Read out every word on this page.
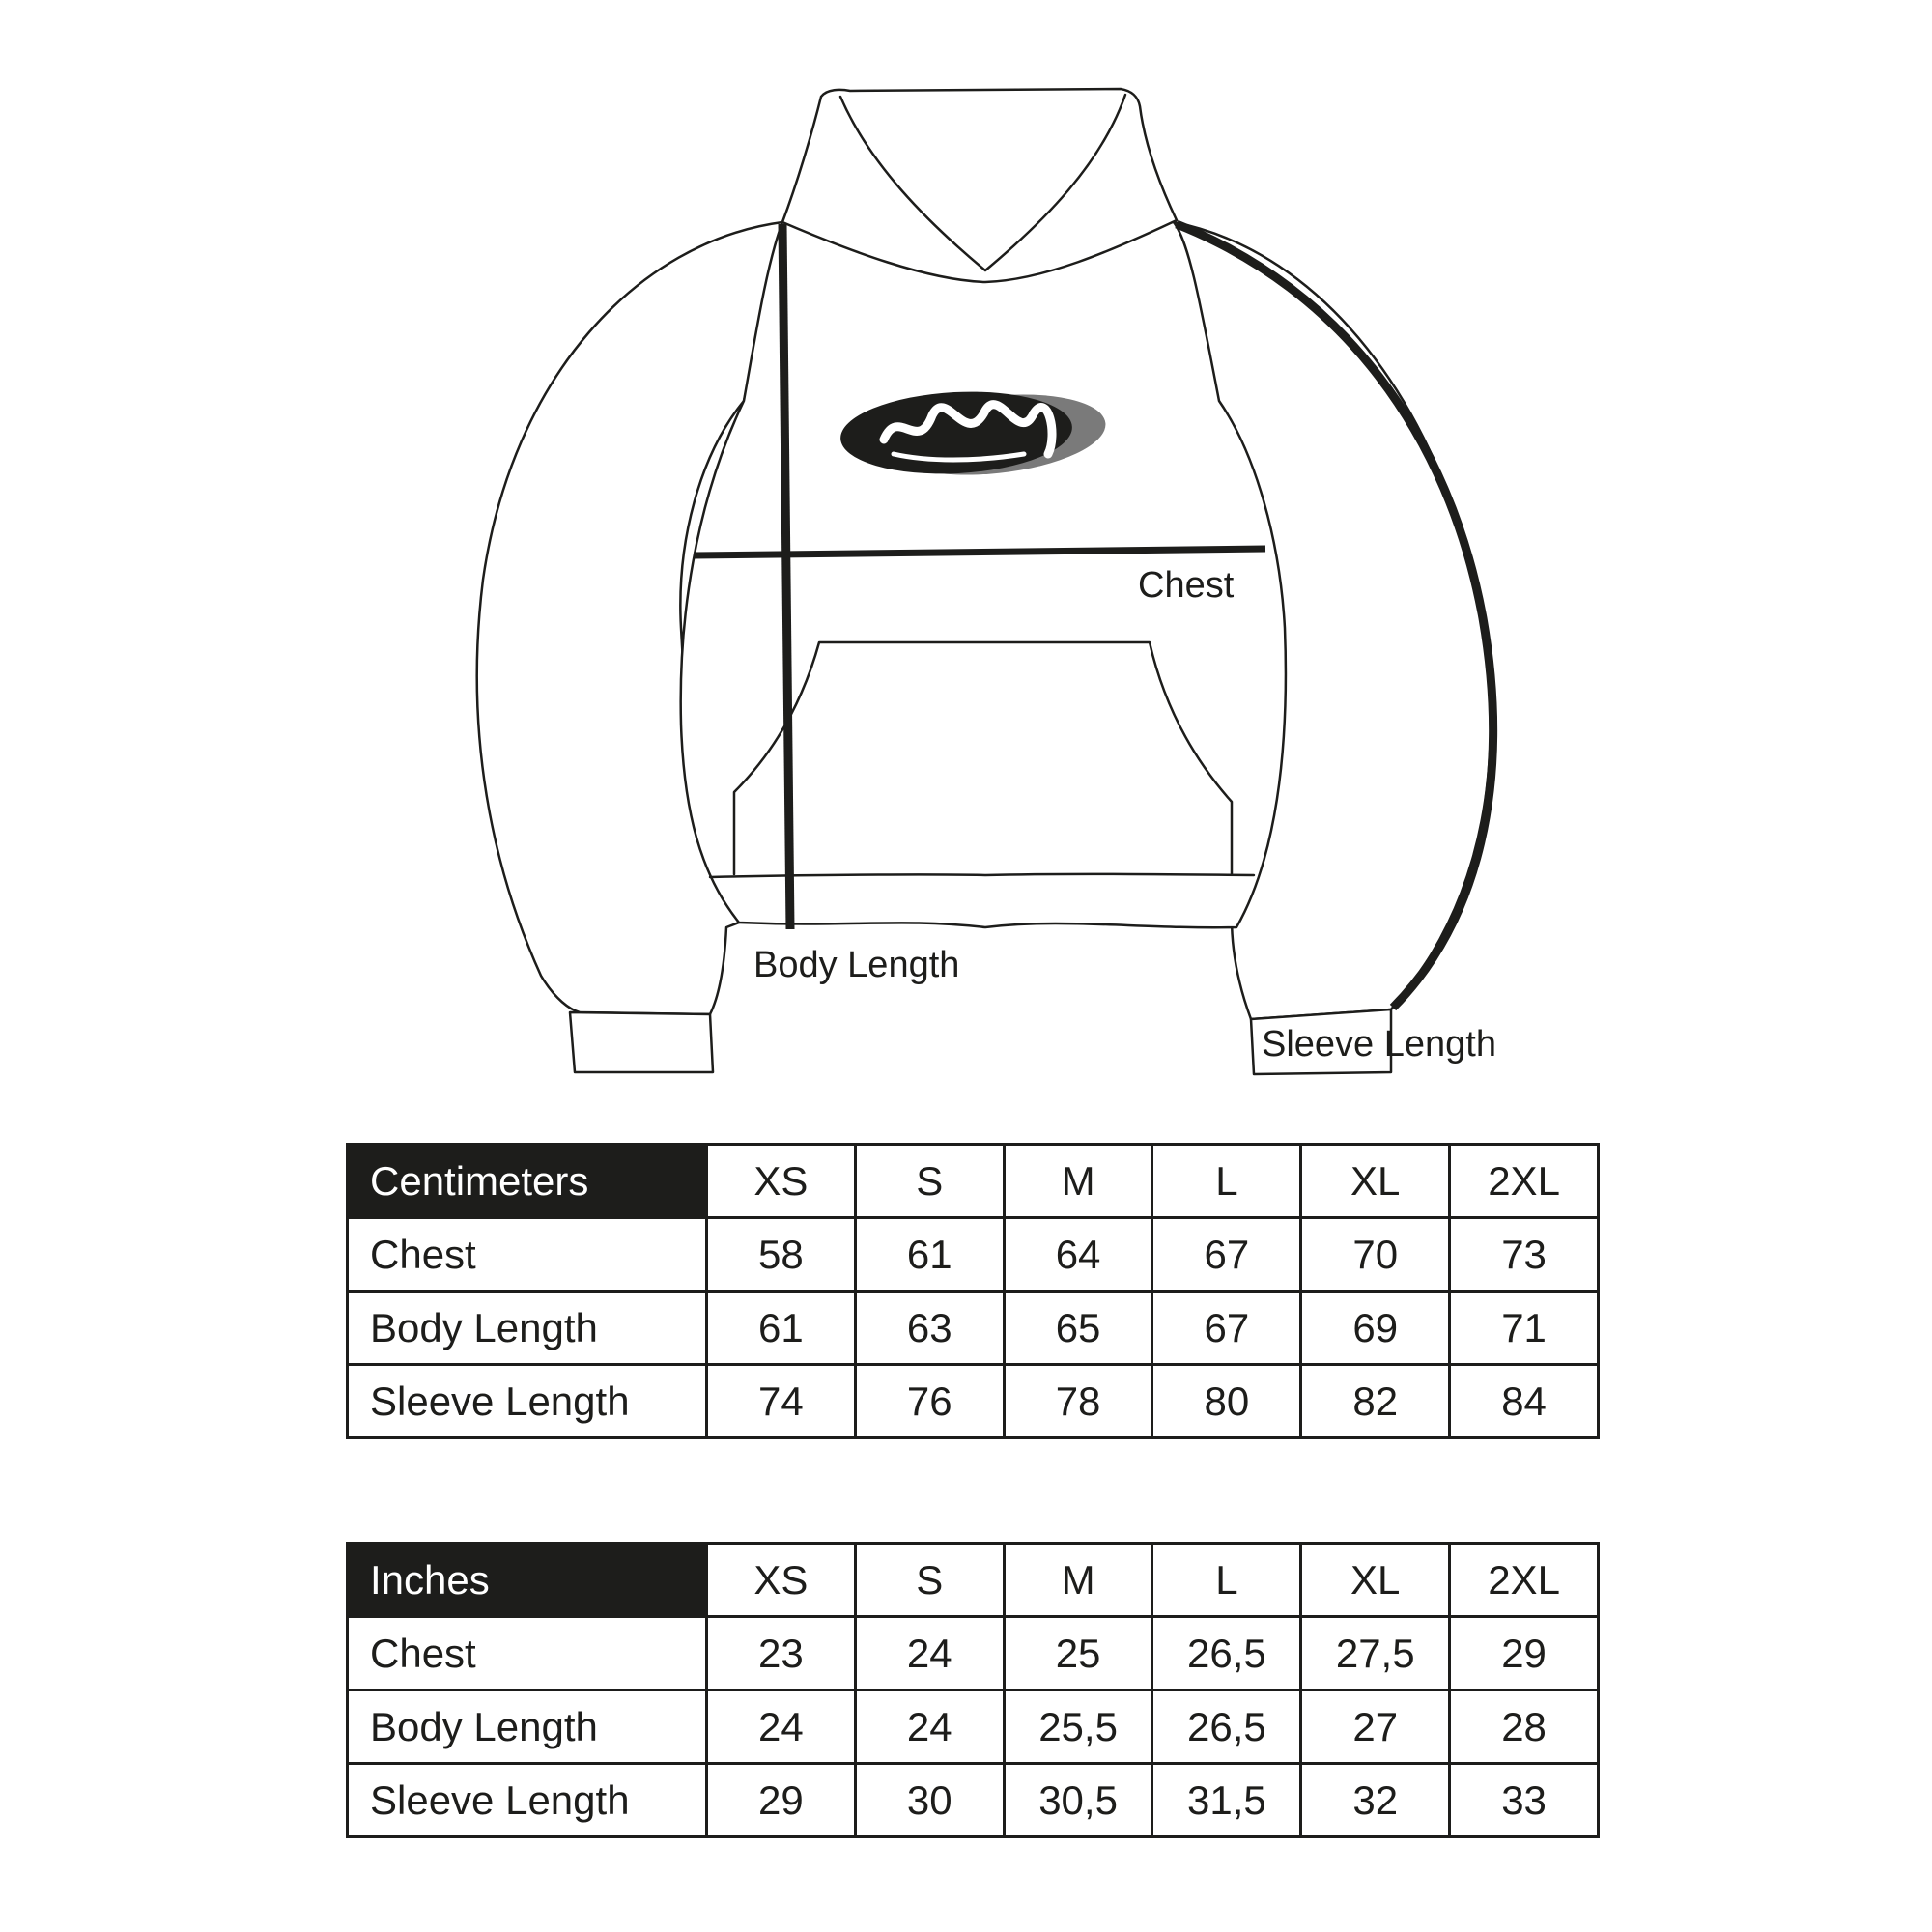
Chest
Body Length
Sleeve Length
Centimeters	XS	S	M	L	XL	2XL
Chest	58	61	64	67	70	73
Body Length	61	63	65	67	69	71
Sleeve Length	74	76	78	80	82	84
Inches	XS	S	M	L	XL	2XL
Chest	23	24	25	26,5	27,5	29
Body Length	24	24	25,5	26,5	27	28
Sleeve Length	29	30	30,5	31,5	32	33
